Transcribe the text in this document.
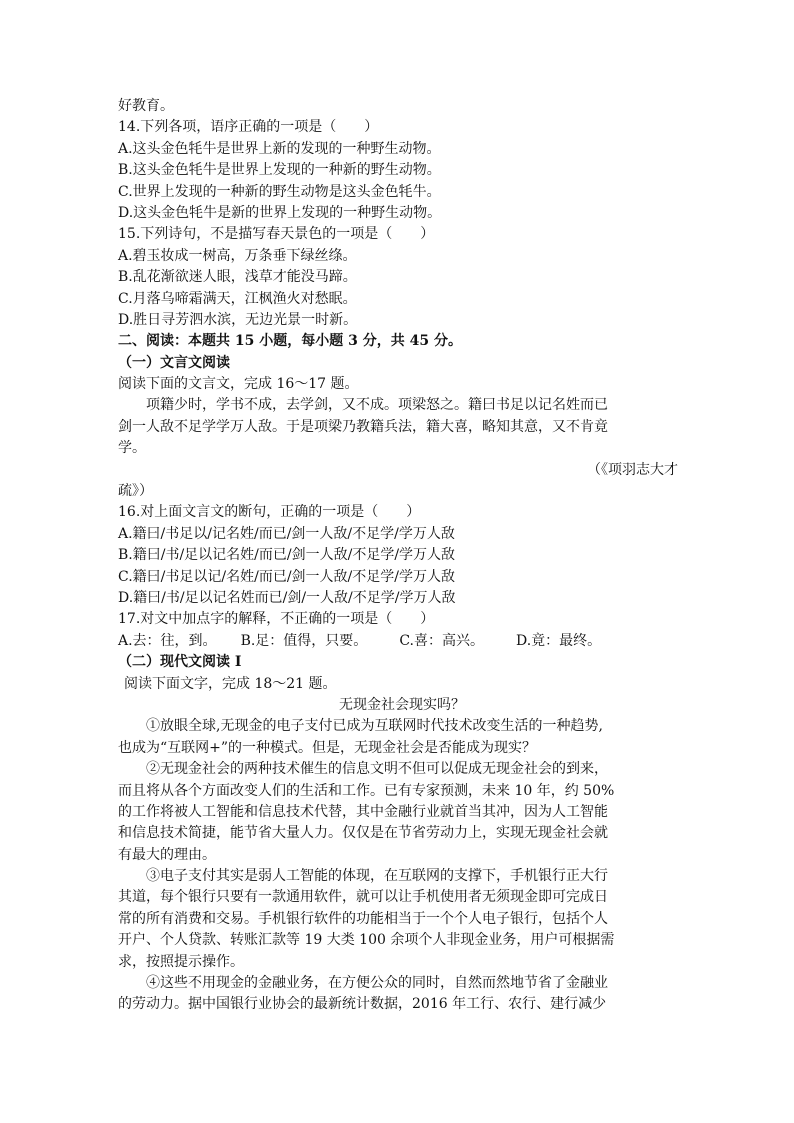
好教育。
14.下列各项，语序正确的一项是（　　）
A.这头金色牦牛是世界上新的发现的一种野生动物。
B.这头金色牦牛是世界上发现的一种新的野生动物。
C.世界上发现的一种新的野生动物是这头金色牦牛。
D.这头金色牦牛是新的世界上发现的一种野生动物。
15.下列诗句，不是描写春天景色的一项是（　　）
A.碧玉妆成一树高，万条垂下绿丝绦。
B.乱花渐欲迷人眼，浅草才能没马蹄。
C.月落乌啼霜满天，江枫渔火对愁眠。
D.胜日寻芳泗水滨，无边光景一时新。
二、阅读：本题共 15 小题，每小题 3 分，共 45 分。
（一）文言文阅读
阅读下面的文言文，完成 16～17 题。
项籍少时，学书不成，去学剑，又不成。项梁怒之。籍曰书足以记名姓而已
剑一人敌不足学学万人敌。于是项梁乃教籍兵法，籍大喜，略知其意，又不肯竟
学。
（《项羽志大才
疏》）
16.对上面文言文的断句，正确的一项是（　　）
A.籍曰/书足以/记名姓/而已/剑一人敌/不足学/学万人敌
B.籍曰/书/足以记名姓/而已/剑一人敌/不足学/学万人敌
C.籍曰/书足以记/名姓/而已/剑一人敌/不足学/学万人敌
D.籍曰/书/足以记名姓而已/剑/一人敌/不足学/学万人敌
17.对文中加点字的解释，不正确的一项是（　　）
A.去：往，到。 B.足：值得，只要。 C.喜：高兴。 D.竟：最终。
（二）现代文阅读 I
阅读下面文字，完成 18～21 题。
无现金社会现实吗？
①放眼全球,无现金的电子支付已成为互联网时代技术改变生活的一种趋势,
也成为“互联网+”的一种模式。但是，无现金社会是否能成为现实？
②无现金社会的两种技术催生的信息文明不但可以促成无现金社会的到来，
而且将从各个方面改变人们的生活和工作。已有专家预测，未来 10 年，约 50%
的工作将被人工智能和信息技术代替，其中金融行业就首当其冲，因为人工智能
和信息技术简捷，能节省大量人力。仅仅是在节省劳动力上，实现无现金社会就
有最大的理由。
③电子支付其实是弱人工智能的体现，在互联网的支撑下，手机银行正大行
其道，每个银行只要有一款通用软件，就可以让手机使用者无须现金即可完成日
常的所有消费和交易。手机银行软件的功能相当于一个个人电子银行，包括个人
开户、个人贷款、转账汇款等 19 大类 100 余项个人非现金业务，用户可根据需
求，按照提示操作。
④这些不用现金的金融业务，在方便公众的同时，自然而然地节省了金融业
的劳动力。据中国银行业协会的最新统计数据，2016 年工行、农行、建行减少
